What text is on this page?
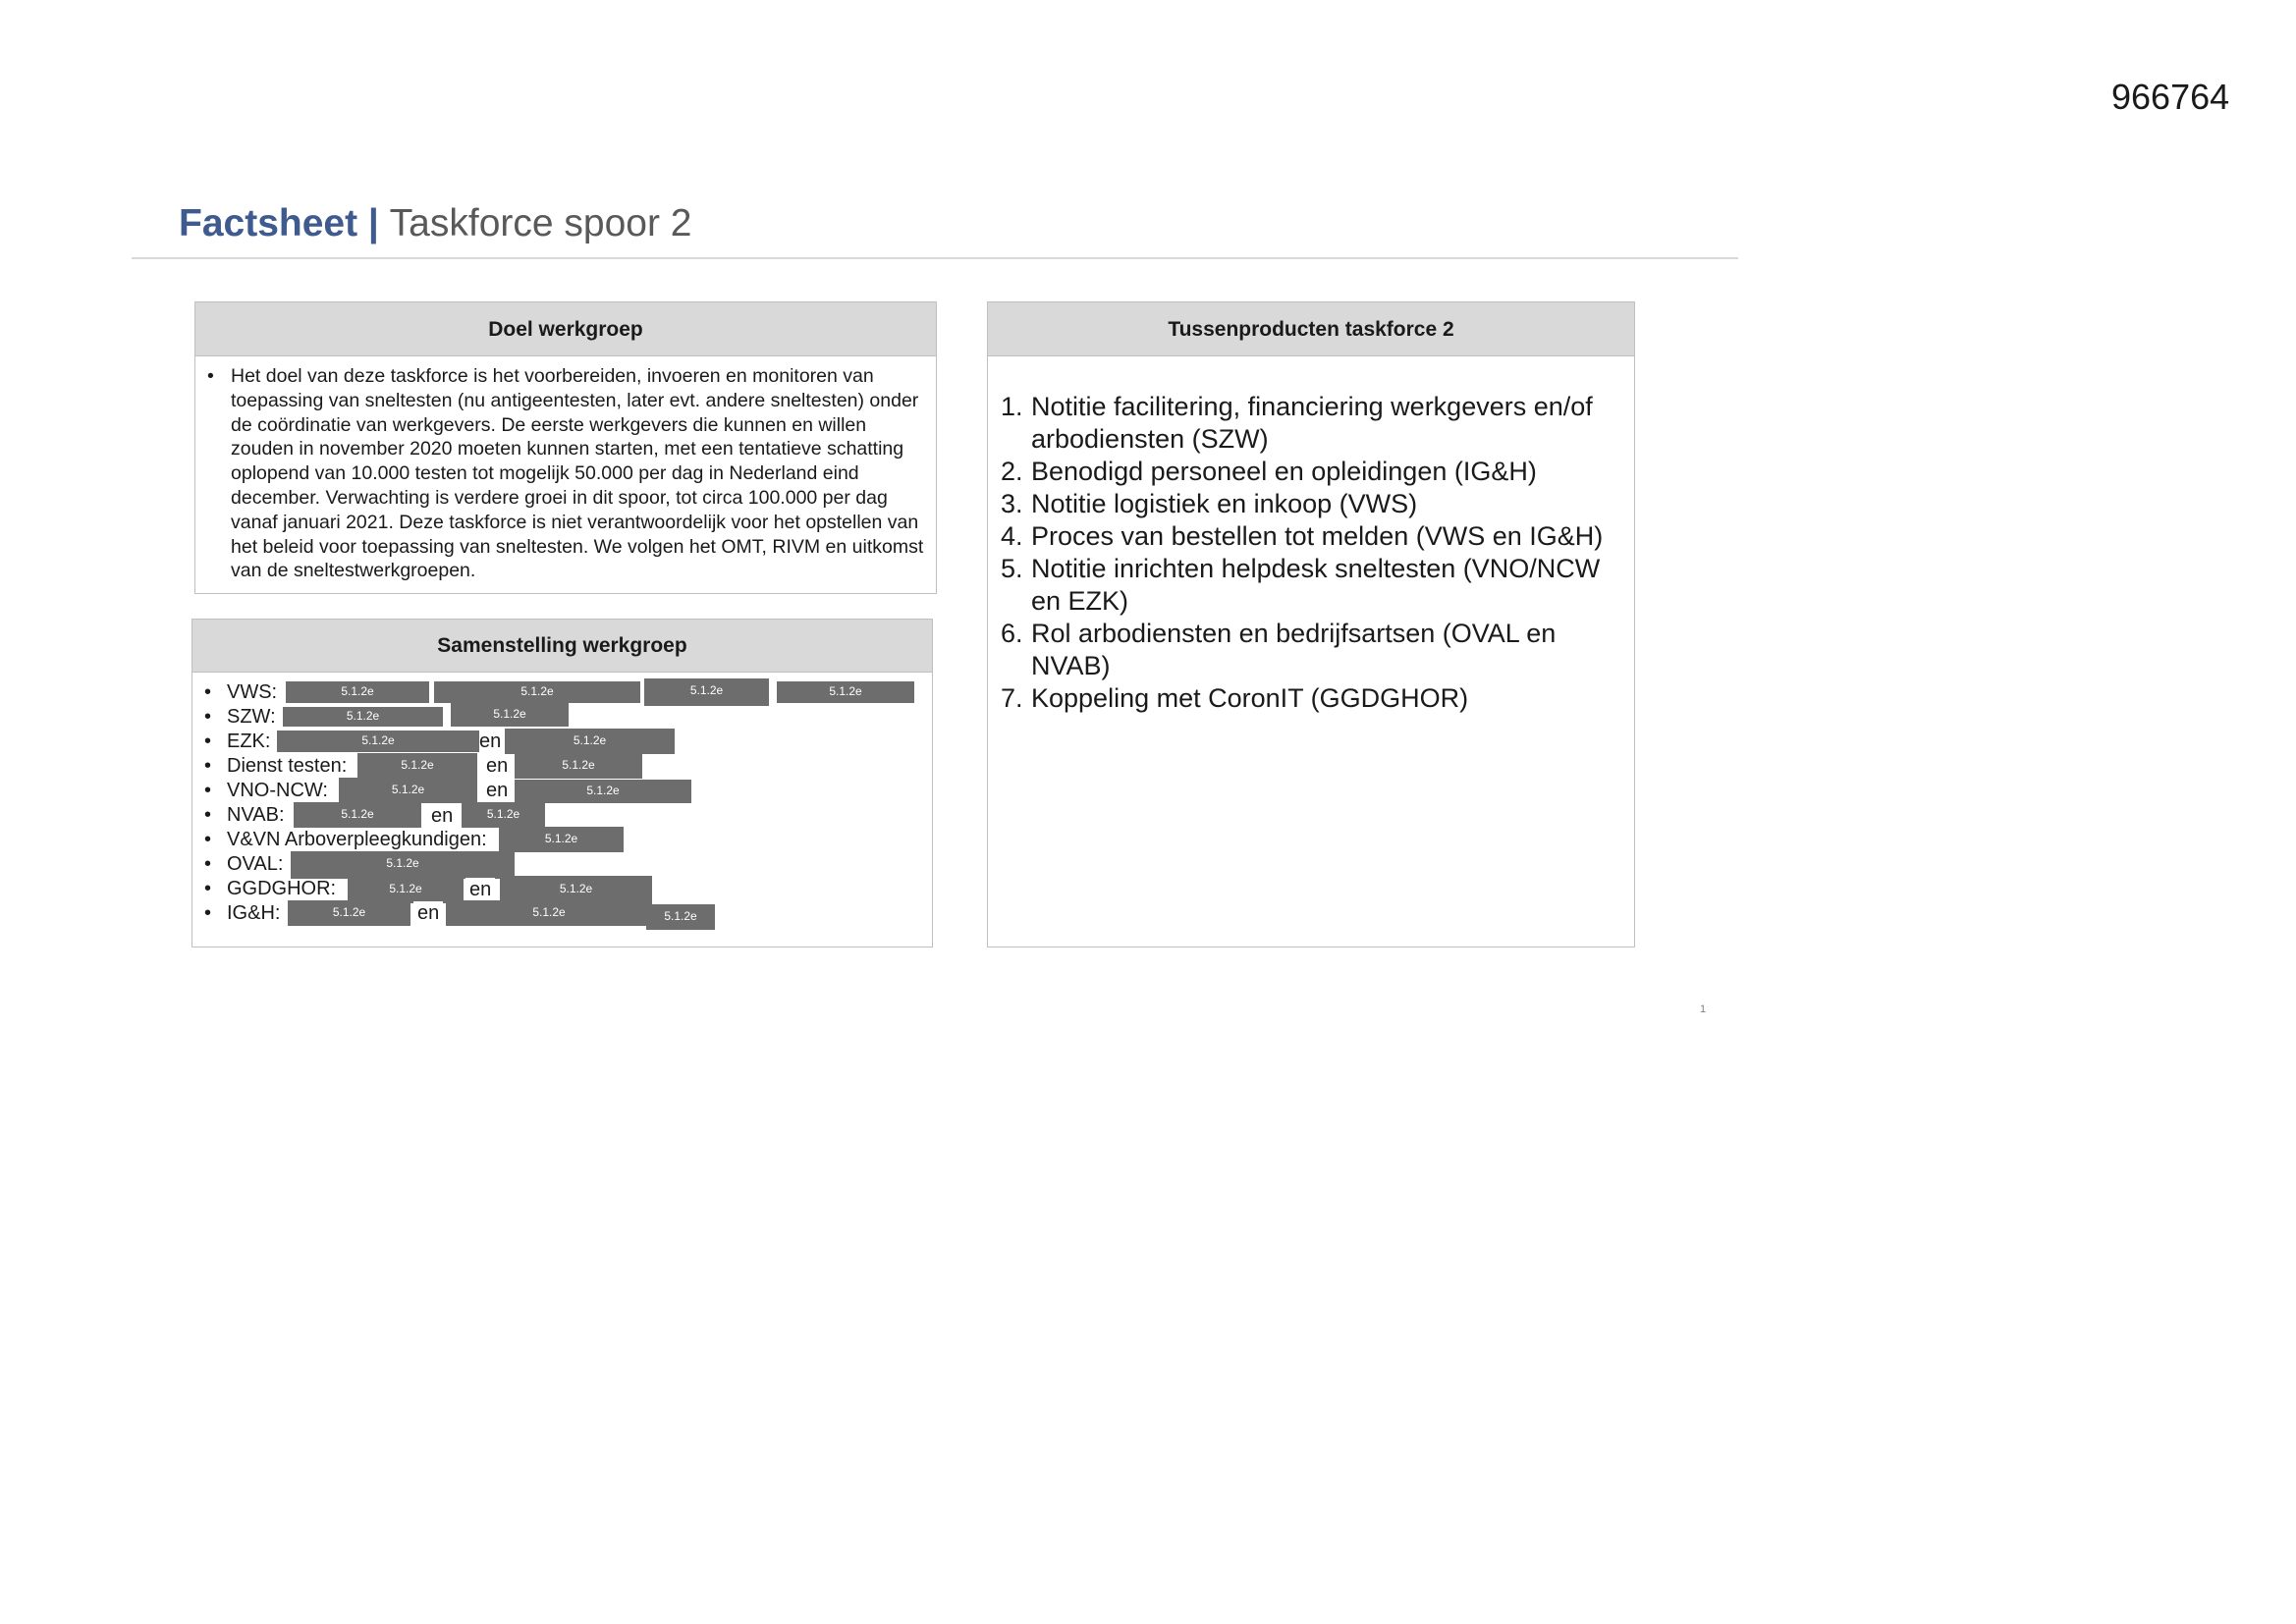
966764
Factsheet | Taskforce spoor 2
Doel werkgroep
• Het doel van deze taskforce is het voorbereiden, invoeren en monitoren van toepassing van sneltesten (nu antigeentesten, later evt. andere sneltesten) onder de coördinatie van werkgevers. De eerste werkgevers die kunnen en willen zouden in november 2020 moeten kunnen starten, met een tentatieve schatting oplopend van 10.000 testen tot mogelijk 50.000 per dag in Nederland eind december. Verwachting is verdere groei in dit spoor, tot circa 100.000 per dag vanaf januari 2021. Deze taskforce is niet verantwoordelijk voor het opstellen van het beleid voor toepassing van sneltesten. We volgen het OMT, RIVM en uitkomst van de sneltestwerkgroepen.
Samenstelling werkgroep
• VWS:	5.1.2e	5.1.2e	5.1.2e	5.1.2e
• SZW:	5.1.2e	5.1.2e
• EZK:	5.1.2e	en	5.1.2e
• Dienst testen:	5.1.2e	en	5.1.2e
• VNO-NCW:	5.1.2e	en	5.1.2e
• NVAB:	5.1.2e	en	5.1.2e
• V&VN Arboverpleegkundigen:	5.1.2e
• OVAL:	5.1.2e
• GGDGHOR:	5.1.2e	en	5.1.2e
• IG&H:	5.1.2e	en	5.1.2e	5.1.2e
Tussenproducten taskforce 2
1. Notitie facilitering, financiering werkgevers en/of arbodiensten (SZW)
2. Benodigd personeel en opleidingen (IG&H)
3. Notitie logistiek en inkoop (VWS)
4. Proces van bestellen tot melden (VWS en IG&H)
5. Notitie inrichten helpdesk sneltesten (VNO/NCW en EZK)
6. Rol arbodiensten en bedrijfsartsen (OVAL en NVAB)
7. Koppeling met CoronIT (GGDGHOR)
1
